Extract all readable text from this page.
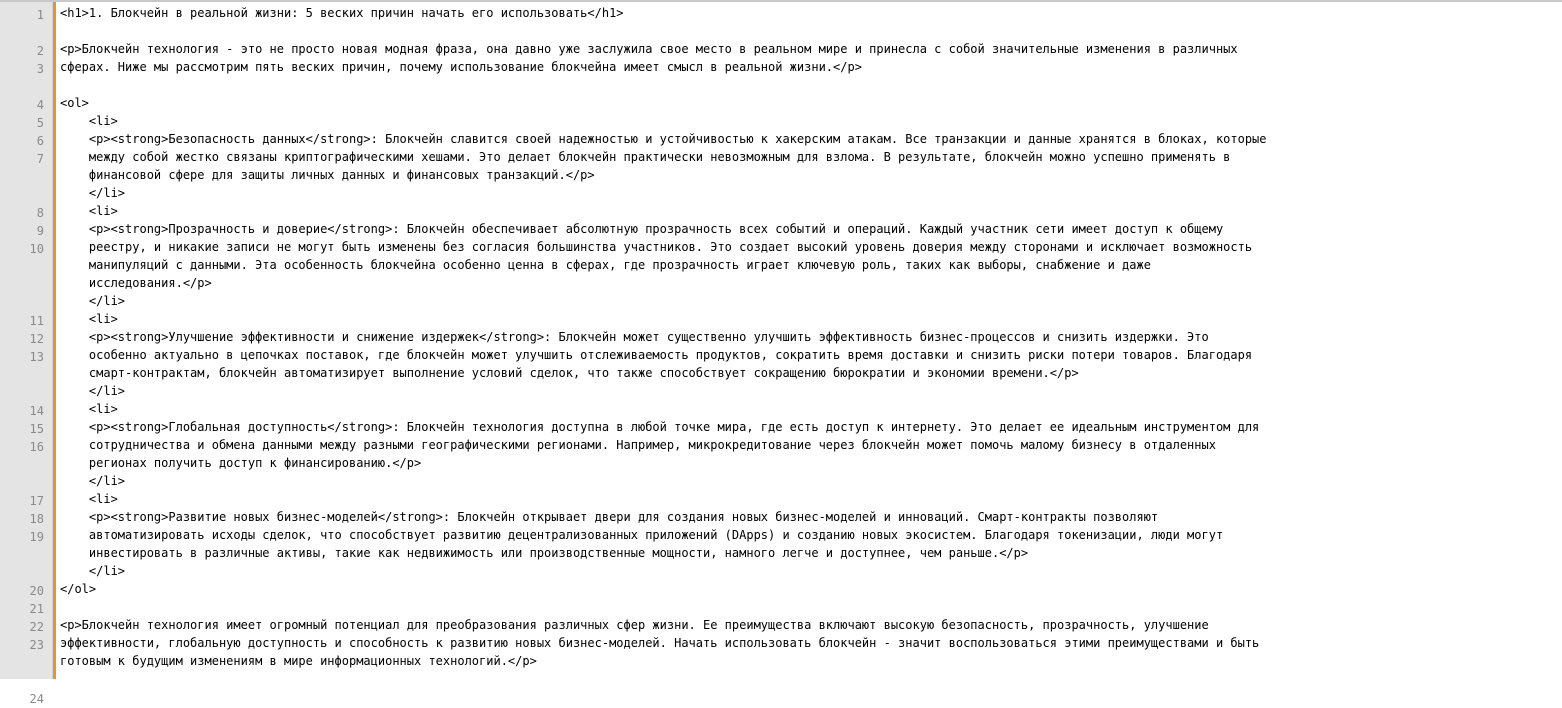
1
2
3
4
5
6
7
8
9
10
11
12
13
14
15
16
17
18
19
20
21
22
23
24
<h1>1. Блокчейн в реальной жизни: 5 веских причин начать его использовать</h1>
<p>Блокчейн технология - это не просто новая модная фраза, она давно уже заслужила свое место в реальном мире и принесла с собой значительные изменения в различных
сферах. Ниже мы рассмотрим пять веских причин, почему использование блокчейна имеет смысл в реальной жизни.</p>
<ol>
<li>
<p><strong>Безопасность данных</strong>: Блокчейн славится своей надежностью и устойчивостью к хакерским атакам. Все транзакции и данные хранятся в блоках, которые
между собой жестко связаны криптографическими хешами. Это делает блокчейн практически невозможным для взлома. В результате, блокчейн можно успешно применять в
финансовой сфере для защиты личных данных и финансовых транзакций.</p>
</li>
<li>
<p><strong>Прозрачность и доверие</strong>: Блокчейн обеспечивает абсолютную прозрачность всех событий и операций. Каждый участник сети имеет доступ к общему
реестру, и никакие записи не могут быть изменены без согласия большинства участников. Это создает высокий уровень доверия между сторонами и исключает возможность
манипуляций с данными. Эта особенность блокчейна особенно ценна в сферах, где прозрачность играет ключевую роль, таких как выборы, снабжение и даже
исследования.</p>
</li>
<li>
<p><strong>Улучшение эффективности и снижение издержек</strong>: Блокчейн может существенно улучшить эффективность бизнес-процессов и снизить издержки. Это
особенно актуально в цепочках поставок, где блокчейн может улучшить отслеживаемость продуктов, сократить время доставки и снизить риски потери товаров. Благодаря
смарт-контрактам, блокчейн автоматизирует выполнение условий сделок, что также способствует сокращению бюрократии и экономии времени.</p>
</li>
<li>
<p><strong>Глобальная доступность</strong>: Блокчейн технология доступна в любой точке мира, где есть доступ к интернету. Это делает ее идеальным инструментом для
сотрудничества и обмена данными между разными географическими регионами. Например, микрокредитование через блокчейн может помочь малому бизнесу в отдаленных
регионах получить доступ к финансированию.</p>
</li>
<li>
<p><strong>Развитие новых бизнес-моделей</strong>: Блокчейн открывает двери для создания новых бизнес-моделей и инноваций. Смарт-контракты позволяют
автоматизировать исходы сделок, что способствует развитию децентрализованных приложений (DApps) и созданию новых экосистем. Благодаря токенизации, люди могут
инвестировать в различные активы, такие как недвижимость или производственные мощности, намного легче и доступнее, чем раньше.</p>
</li>
</ol>
<p>Блокчейн технология имеет огромный потенциал для преобразования различных сфер жизни. Ее преимущества включают высокую безопасность, прозрачность, улучшение
эффективности, глобальную доступность и способность к развитию новых бизнес-моделей. Начать использовать блокчейн - значит воспользоваться этими преимуществами и быть
готовым к будущим изменениям в мире информационных технологий.</p>
